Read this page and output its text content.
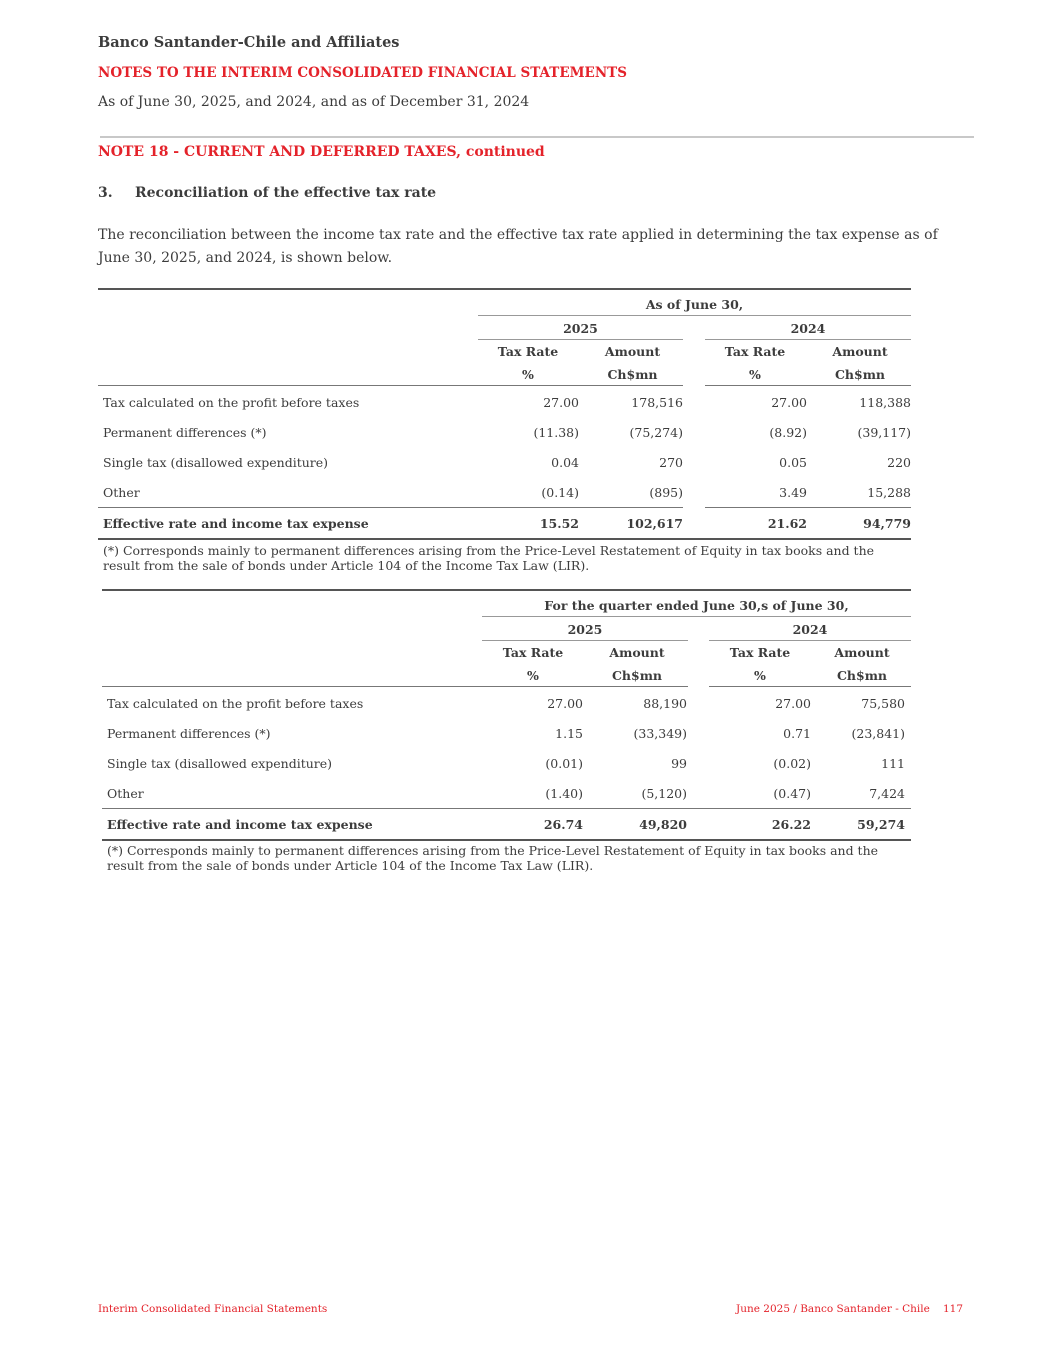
Banco Santander-Chile and Affiliates
NOTES TO THE INTERIM CONSOLIDATED FINANCIAL STATEMENTS
As of June 30, 2025, and 2024, and as of December 31, 2024
NOTE 18 - CURRENT AND DEFERRED TAXES, continued
3. Reconciliation of the effective tax rate
The reconciliation between the income tax rate and the effective tax rate applied in determining the tax expense as of June 30, 2025, and 2024, is shown below.
As of June 30,
2025	2024
Tax Rate	Amount	Tax Rate	Amount
%	Ch$mn	%	Ch$mn
Tax calculated on the profit before taxes	27.00	178,516	27.00	118,388
Permanent differences (*)	(11.38)	(75,274)	(8.92)	(39,117)
Single tax (disallowed expenditure)	0.04	270	0.05	220
Other	(0.14)	(895)	3.49	15,288
Effective rate and income tax expense	15.52	102,617	21.62	94,779
(*) Corresponds mainly to permanent differences arising from the Price-Level Restatement of Equity in tax books and the result from the sale of bonds under Article 104 of the Income Tax Law (LIR).
For the quarter ended June 30,s of June 30,
2025	2024
Tax Rate	Amount	Tax Rate	Amount
%	Ch$mn	%	Ch$mn
Tax calculated on the profit before taxes	27.00	88,190	27.00	75,580
Permanent differences (*)	1.15	(33,349)	0.71	(23,841)
Single tax (disallowed expenditure)	(0.01)	99	(0.02)	111
Other	(1.40)	(5,120)	(0.47)	7,424
Effective rate and income tax expense	26.74	49,820	26.22	59,274
(*) Corresponds mainly to permanent differences arising from the Price-Level Restatement of Equity in tax books and the result from the sale of bonds under Article 104 of the Income Tax Law (LIR).
Interim Consolidated Financial Statements	June 2025 / Banco Santander - Chile 117
